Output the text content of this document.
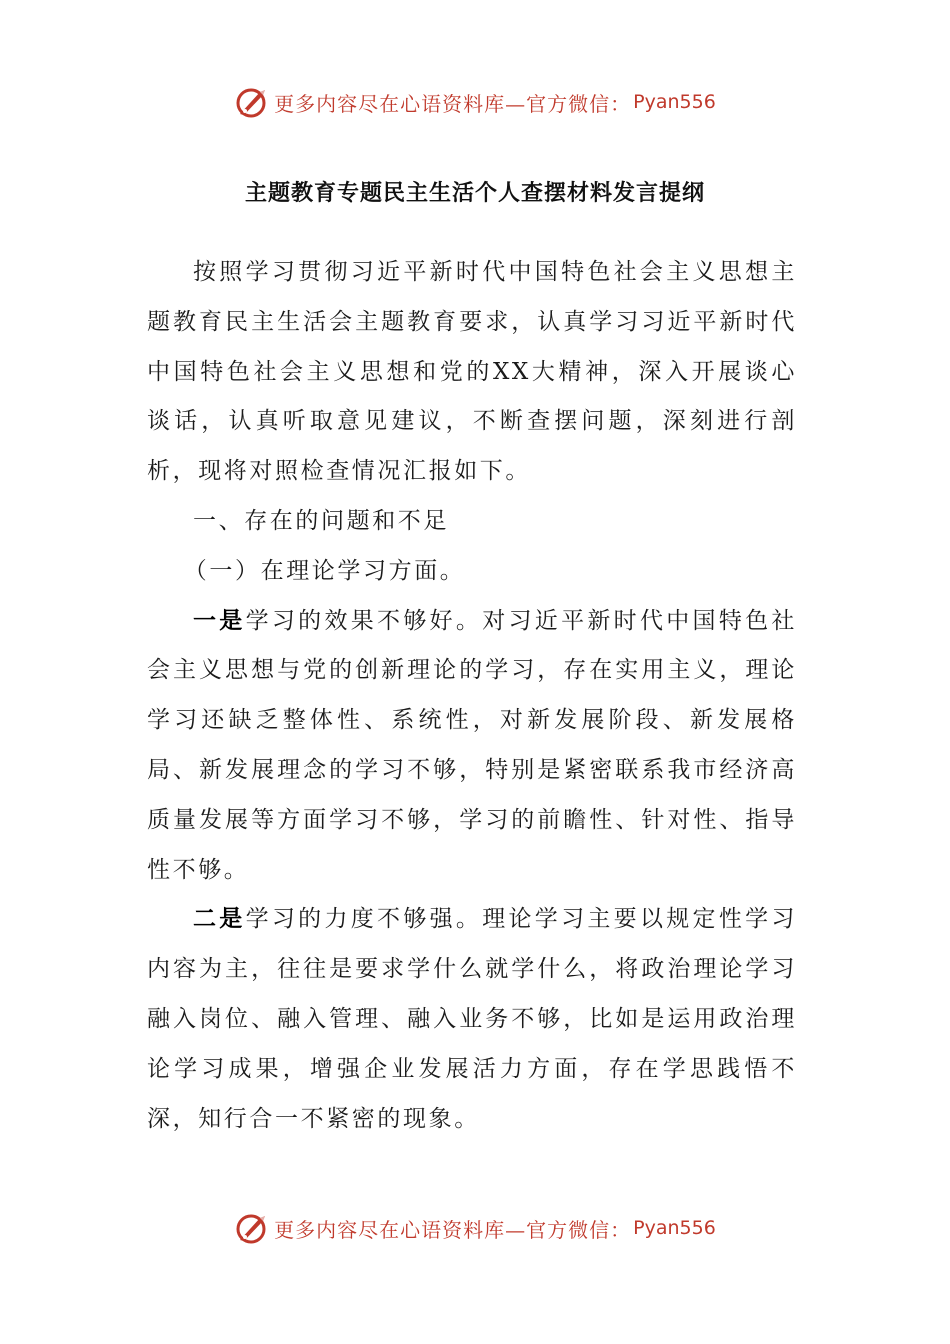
更多内容尽在心语资料库—官方微信： Pyan556
主题教育专题民主生活个人查摆材料发言提纲

按照学习贯彻习近平新时代中国特色社会主义思想主题教育民主生活会主题教育要求，认真学习习近平新时代中国特色社会主义思想和党的XX大精神，深入开展谈心谈话，认真听取意见建议，不断查摆问题，深刻进行剖析，现将对照检查情况汇报如下。

一、存在的问题和不足

（一）在理论学习方面。

一是学习的效果不够好。对习近平新时代中国特色社会主义思想与党的创新理论的学习，存在实用主义，理论学习还缺乏整体性、系统性，对新发展阶段、新发展格局、新发展理念的学习不够，特别是紧密联系我市经济高质量发展等方面学习不够，学习的前瞻性、针对性、指导性不够。

二是学习的力度不够强。理论学习主要以规定性学习内容为主，往往是要求学什么就学什么，将政治理论学习融入岗位、融入管理、融入业务不够，比如是运用政治理论学习成果，增强企业发展活力方面，存在学思践悟不深，知行合一不紧密的现象。

更多内容尽在心语资料库—官方微信： Pyan556
